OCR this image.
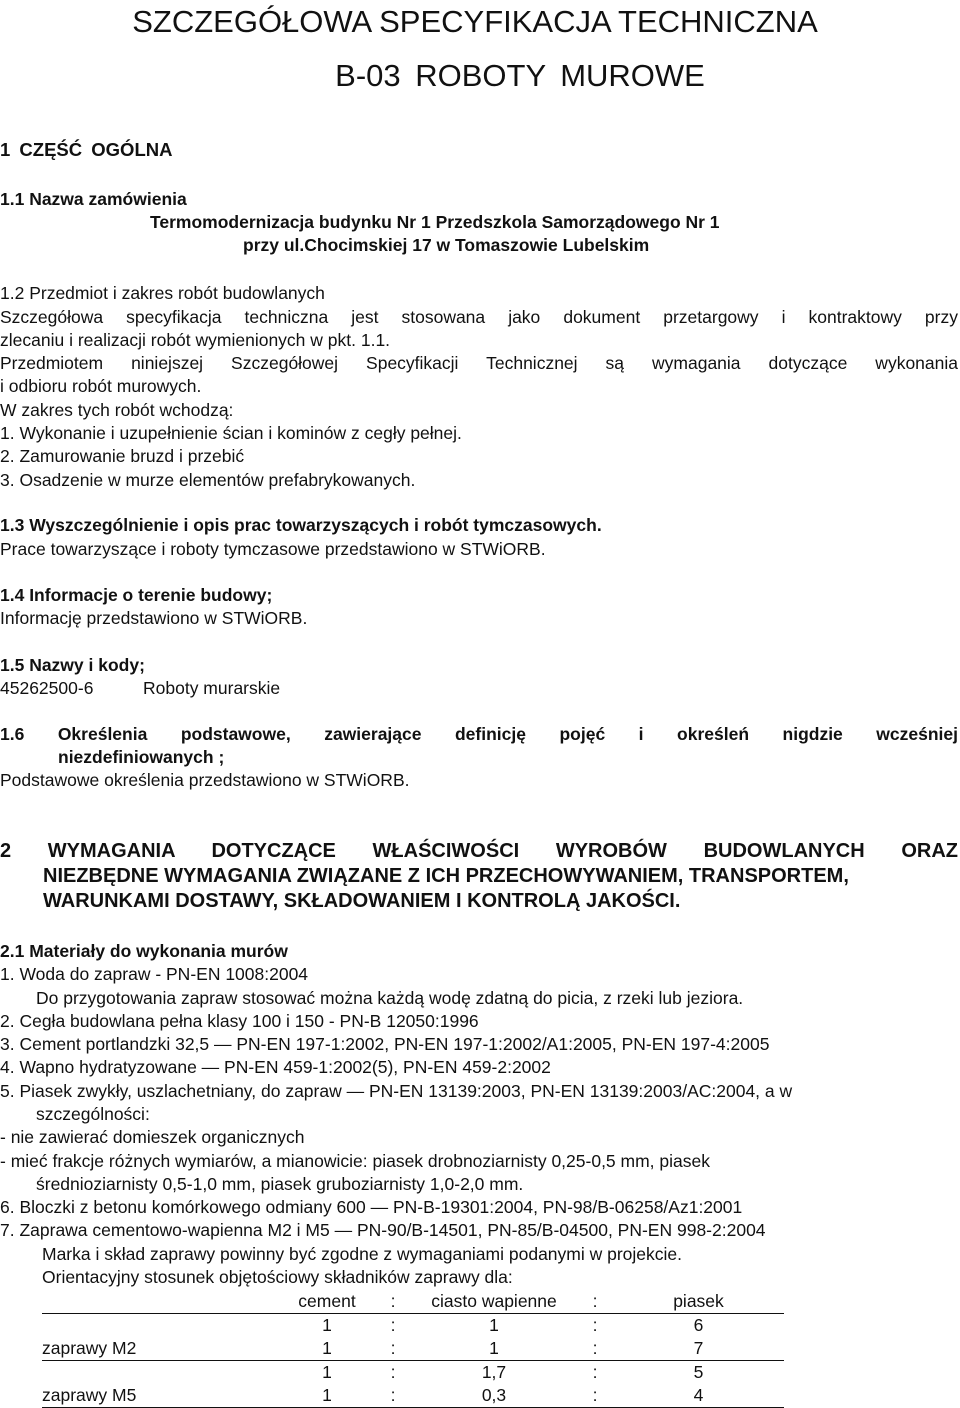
SZCZEGÓŁOWA SPECYFIKACJA TECHNICZNA
B-03 ROBOTY MUROWE
1 CZĘŚĆ OGÓLNA
1.1 Nazwa zamówienia
Termomodernizacja budynku Nr 1 Przedszkola Samorządowego Nr 1
przy ul.Chocimskiej 17 w Tomaszowie Lubelskim
1.2 Przedmiot i zakres robót budowlanych
Szczegółowa specyfikacja techniczna jest stosowana jako dokument przetargowy i kontraktowy przy
zlecaniu i realizacji robót wymienionych w pkt. 1.1.
Przedmiotem niniejszej Szczegółowej Specyfikacji Technicznej są wymagania dotyczące wykonania
i odbioru robót murowych.
W zakres tych robót wchodzą:
1. Wykonanie i uzupełnienie ścian i kominów z cegły pełnej.
2. Zamurowanie bruzd i przebić
3. Osadzenie w murze elementów prefabrykowanych.
1.3 Wyszczególnienie i opis prac towarzyszących i robót tymczasowych.
Prace towarzyszące i roboty tymczasowe przedstawiono w STWiORB.
1.4 Informacje o terenie budowy;
Informację przedstawiono w STWiORB.
1.5 Nazwy i kody;
45262500-6	Roboty murarskie
1.6 Określenia podstawowe, zawierające definicję pojęć i określeń nigdzie wcześniej
niezdefiniowanych ;
Podstawowe określenia przedstawiono w STWiORB.
2 WYMAGANIA DOTYCZĄCE WŁAŚCIWOŚCI WYROBÓW BUDOWLANYCH ORAZ
NIEZBĘDNE WYMAGANIA ZWIĄZANE Z ICH PRZECHOWYWANIEM, TRANSPORTEM,
WARUNKAMI DOSTAWY, SKŁADOWANIEM I KONTROLĄ JAKOŚCI.
2.1 Materiały do wykonania murów
1. Woda do zapraw - PN-EN 1008:2004
Do przygotowania zapraw stosować można każdą wodę zdatną do picia, z rzeki lub jeziora.
2. Cegła budowlana pełna klasy 100 i 150 - PN-B 12050:1996
3. Cement portlandzki 32,5 — PN-EN 197-1:2002, PN-EN 197-1:2002/A1:2005, PN-EN 197-4:2005
4. Wapno hydratyzowane — PN-EN 459-1:2002(5), PN-EN 459-2:2002
5. Piasek zwykły, uszlachetniany, do zapraw — PN-EN 13139:2003, PN-EN 13139:2003/AC:2004, a w
szczególności:
- nie zawierać domieszek organicznych
- mieć frakcje różnych wymiarów, a mianowicie: piasek drobnoziarnisty 0,25-0,5 mm, piasek
średnioziarnisty 0,5-1,0 mm, piasek gruboziarnisty 1,0-2,0 mm.
6. Bloczki z betonu komórkowego odmiany 600 — PN-B-19301:2004, PN-98/B-06258/Az1:2001
7. Zaprawa cementowo-wapienna M2 i M5 — PN-90/B-14501, PN-85/B-04500, PN-EN 998-2:2004
Marka i skład zaprawy powinny być zgodne z wymaganiami podanymi w projekcie.
Orientacyjny stosunek objętościowy składników zaprawy dla:
	cement	:	ciasto wapienne	:	piasek
	1	:	1	:	6
zaprawy M2	1	:	1	:	7
	1	:	1,7	:	5
zaprawy M5	1	:	0,3	:	4
